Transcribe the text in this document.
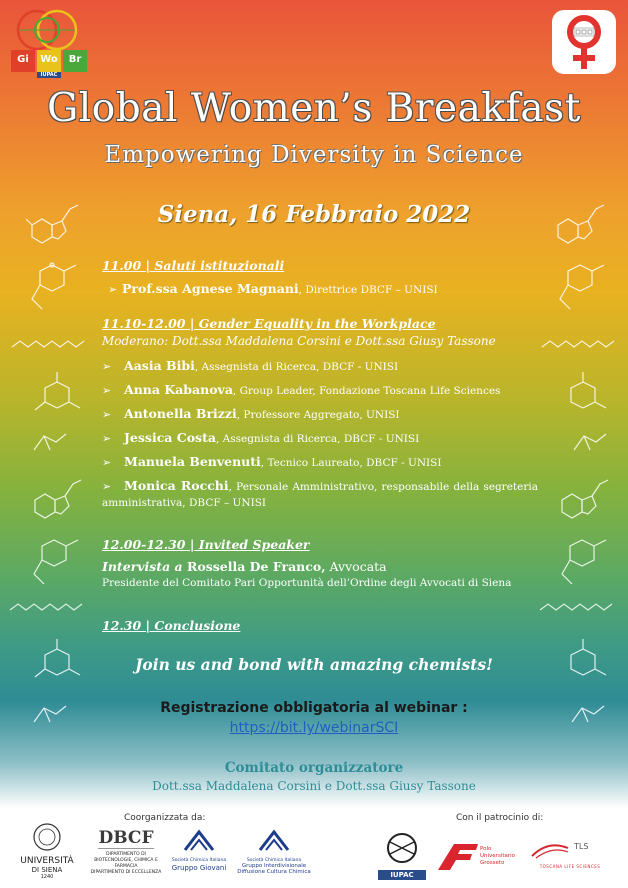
Gi	Wo	Br
IUPAC
Global Women’s Breakfast
Empowering Diversity in Science
Siena, 16 Febbraio 2022
11.00 | Saluti istituzionali
➢ Prof.ssa Agnese Magnani, Direttrice DBCF – UNISI
11.10-12.00 | Gender Equality in the Workplace
Moderano: Dott.ssa Maddalena Corsini e Dott.ssa Giusy Tassone
➢ Aasia Bibi, Assegnista di Ricerca, DBCF - UNISI
➢ Anna Kabanova, Group Leader, Fondazione Toscana Life Sciences
➢ Antonella Brizzi, Professore Aggregato, UNISI
➢ Jessica Costa, Assegnista di Ricerca, DBCF - UNISI
➢ Manuela Benvenuti, Tecnico Laureato, DBCF - UNISI
➢ Monica Rocchi, Personale Amministrativo, responsabile della segreteria amministrativa, DBCF – UNISI
12.00-12.30 | Invited Speaker
Intervista a Rossella De Franco, Avvocata
Presidente del Comitato Pari Opportunità dell’Ordine degli Avvocati di Siena
12.30 | Conclusione
Join us and bond with amazing chemists!
Registrazione obbligatoria al webinar :
https://bit.ly/webinarSCI
Comitato organizzatore
Dott.ssa Maddalena Corsini e Dott.ssa Giusy Tassone
Coorganizzata da:	Con il patrocinio di:
UNIVERSITÀ
DI SIENA
1240
DBCF
DIPARTIMENTO DI BIOTECNOLOGIE, CHIMICA E FARMACIA
DIPARTIMENTO DI ECCELLENZA
Società Chimica Italiana
Gruppo Giovani
Società Chimica Italiana
Gruppo Interdivisionale
Diffusione Cultura Chimica	IUPAC
Polo
Universitario
Grosseto
TLS
TOSCANA LIFE SCIENCES
